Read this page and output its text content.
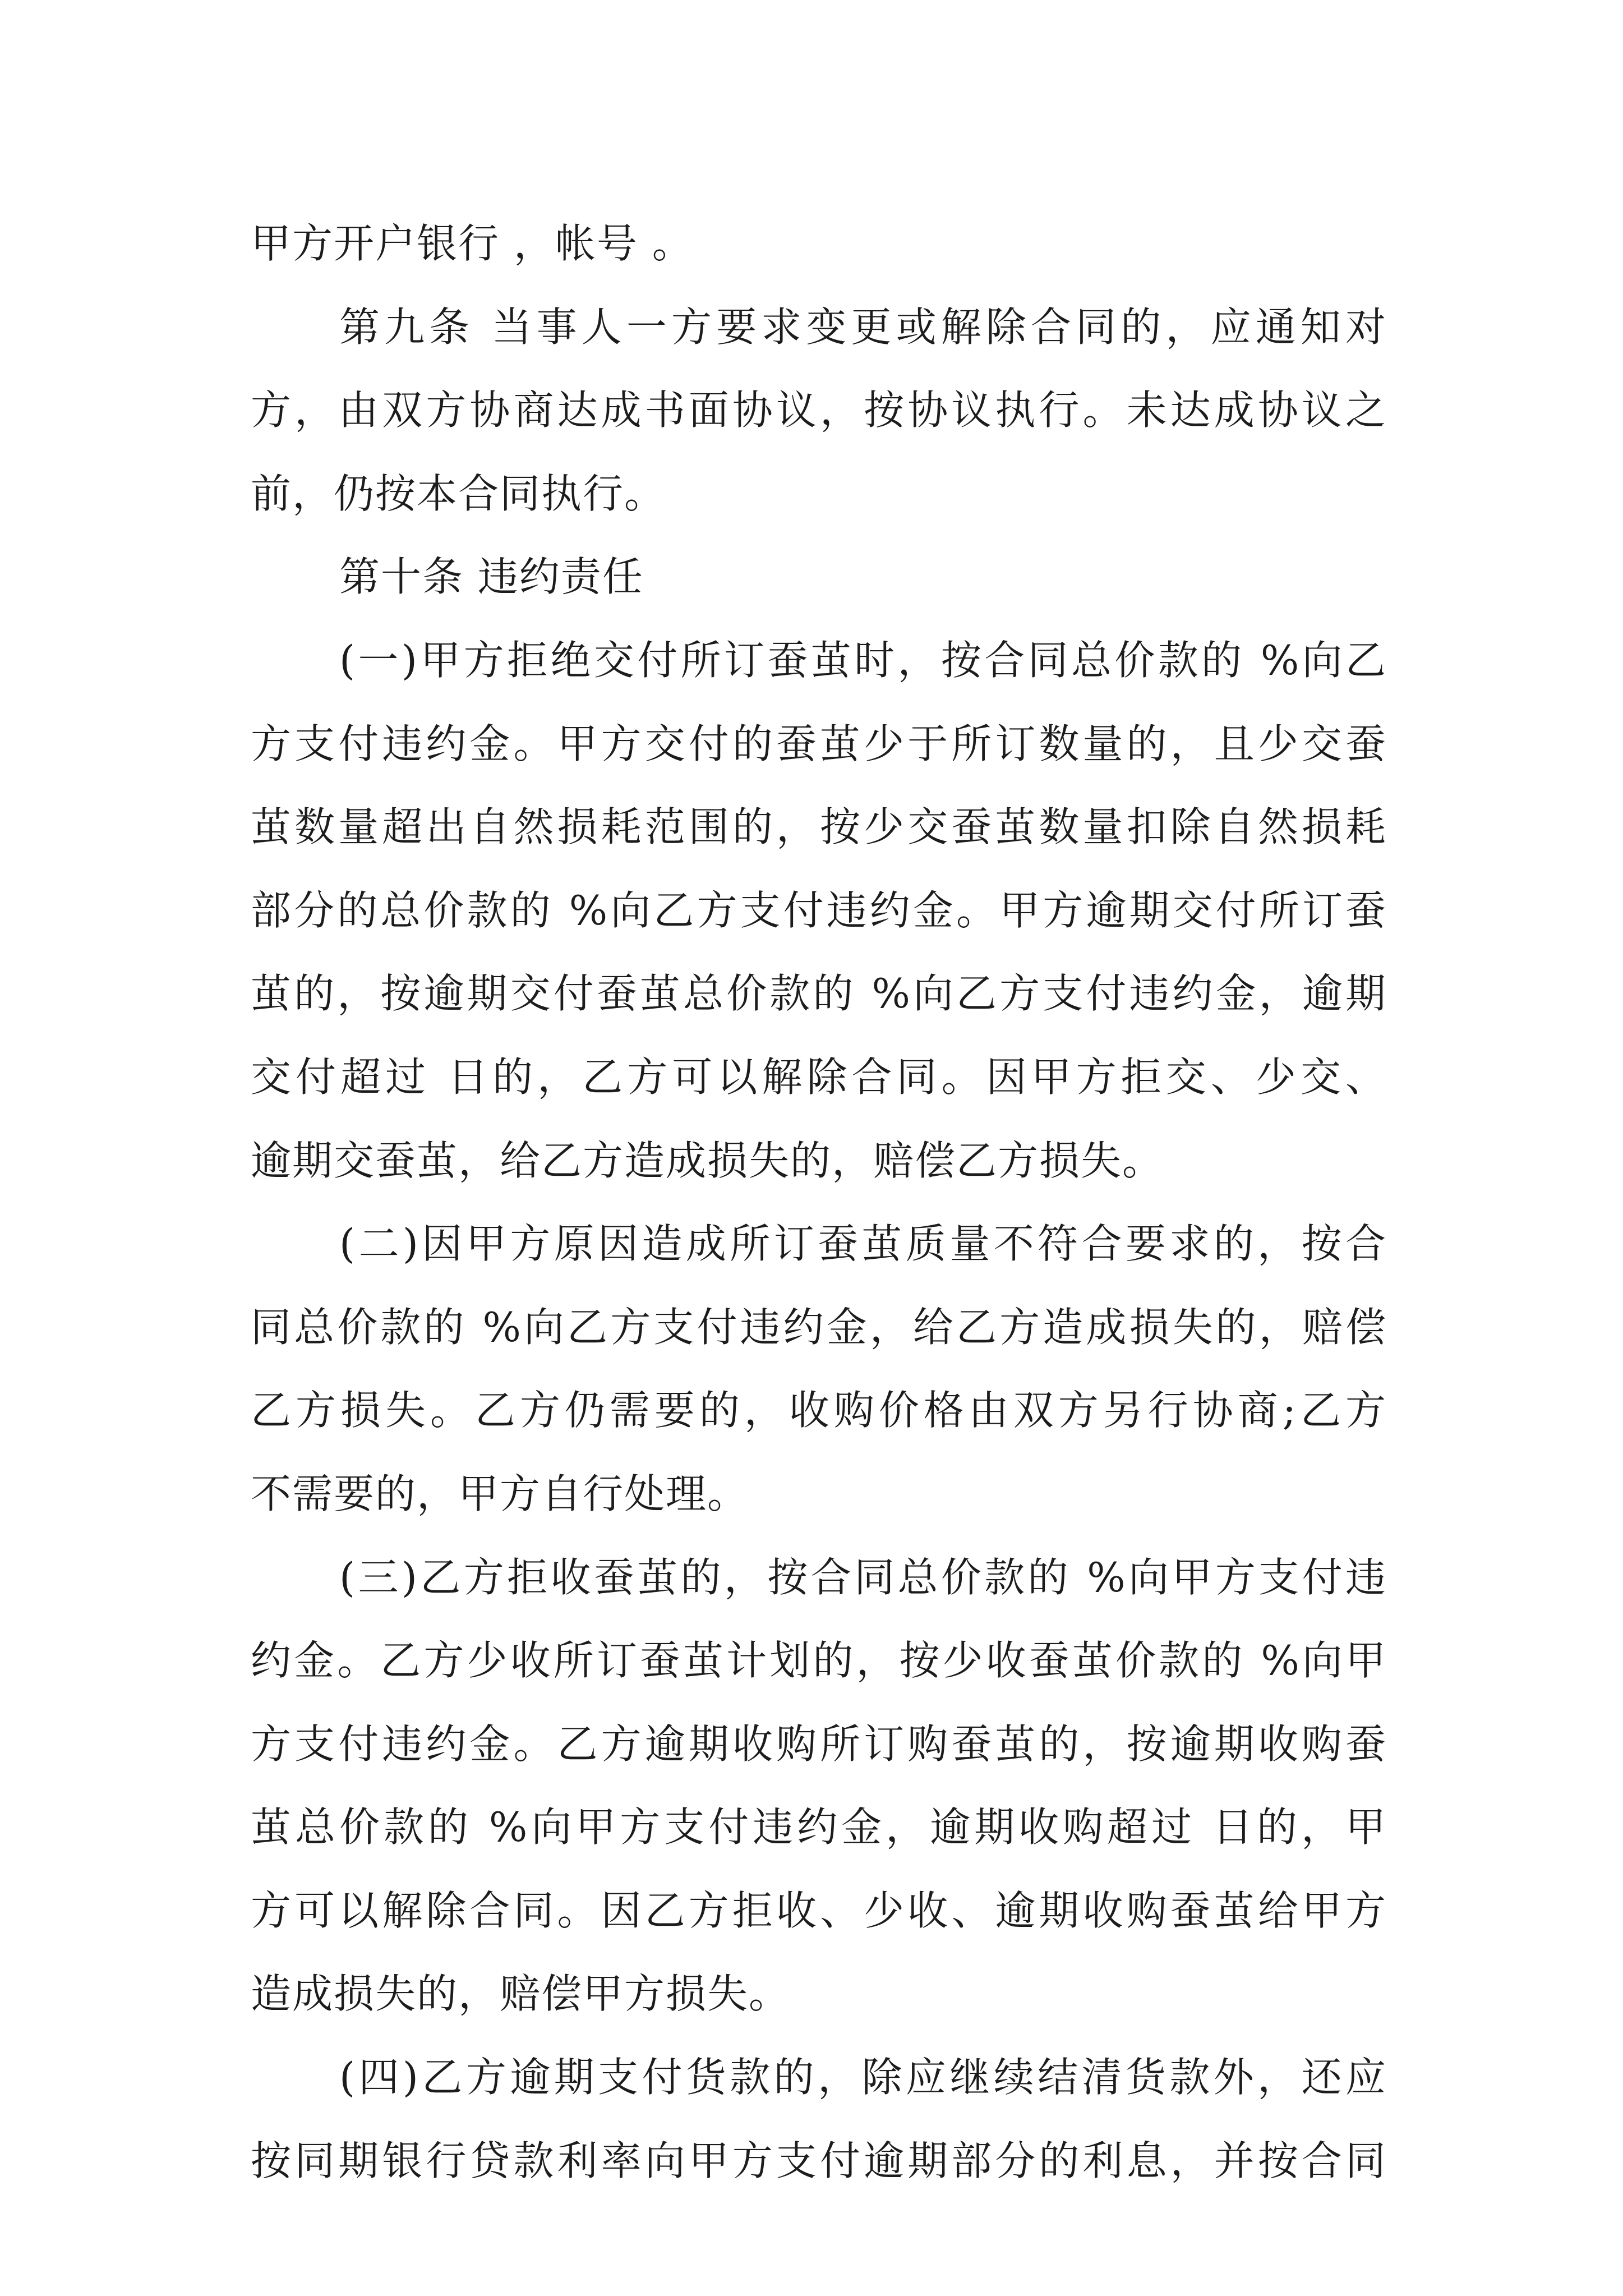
甲方开户银行 ，帐号 。
第九条 当事人一方要求变更或解除合同的，应通知对
方，由双方协商达成书面协议，按协议执行。未达成协议之
前，仍按本合同执行。
第十条 违约责任
(一)甲方拒绝交付所订蚕茧时，按合同总价款的 %向乙
方支付违约金。甲方交付的蚕茧少于所订数量的，且少交蚕
茧数量超出自然损耗范围的，按少交蚕茧数量扣除自然损耗
部分的总价款的 %向乙方支付违约金。甲方逾期交付所订蚕
茧的，按逾期交付蚕茧总价款的 %向乙方支付违约金，逾期
交付超过 日的，乙方可以解除合同。因甲方拒交、少交、
逾期交蚕茧，给乙方造成损失的，赔偿乙方损失。
(二)因甲方原因造成所订蚕茧质量不符合要求的，按合
同总价款的 %向乙方支付违约金，给乙方造成损失的，赔偿
乙方损失。乙方仍需要的，收购价格由双方另行协商;乙方
不需要的，甲方自行处理。
(三)乙方拒收蚕茧的，按合同总价款的 %向甲方支付违
约金。乙方少收所订蚕茧计划的，按少收蚕茧价款的 %向甲
方支付违约金。乙方逾期收购所订购蚕茧的，按逾期收购蚕
茧总价款的 %向甲方支付违约金，逾期收购超过 日的，甲
方可以解除合同。因乙方拒收、少收、逾期收购蚕茧给甲方
造成损失的，赔偿甲方损失。
(四)乙方逾期支付货款的，除应继续结清货款外，还应
按同期银行贷款利率向甲方支付逾期部分的利息，并按合同
